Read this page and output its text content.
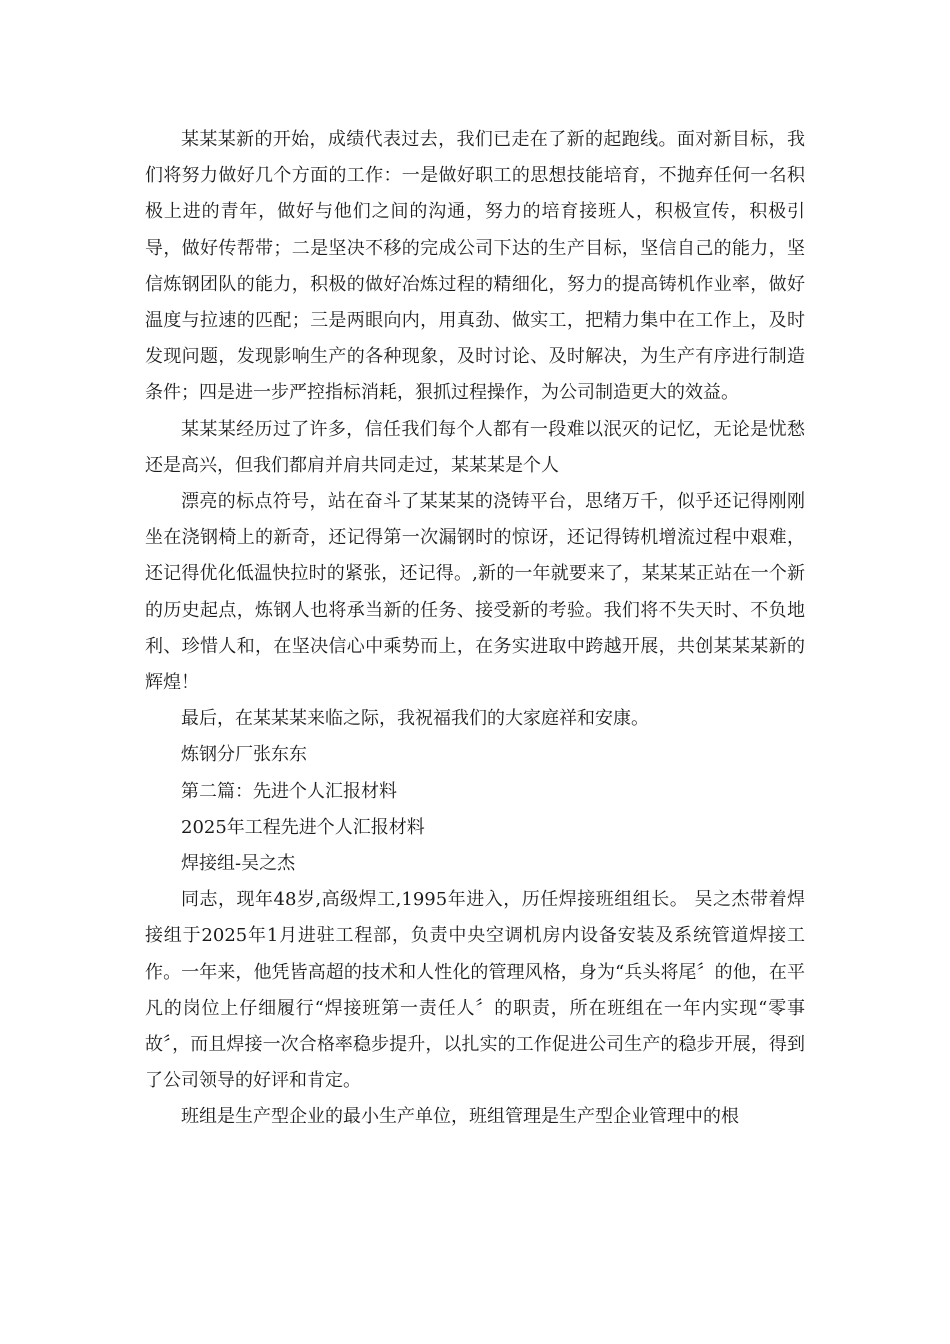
某某某新的开始，成绩代表过去，我们已走在了新的起跑线。面对新目标，我们将努力做好几个方面的工作：一是做好职工的思想技能培育，不抛弃任何一名积极上进的青年，做好与他们之间的沟通，努力的培育接班人，积极宣传，积极引导，做好传帮带；二是坚决不移的完成公司下达的生产目标，坚信自己的能力，坚信炼钢团队的能力，积极的做好冶炼过程的精细化，努力的提高铸机作业率，做好温度与拉速的匹配；三是两眼向内，用真劲、做实工，把精力集中在工作上，及时发现问题，发现影响生产的各种现象，及时讨论、及时解决，为生产有序进行制造条件；四是进一步严控指标消耗，狠抓过程操作，为公司制造更大的效益。

某某某经历过了许多，信任我们每个人都有一段难以泯灭的记忆，无论是忧愁还是高兴，但我们都肩并肩共同走过，某某某是个人

漂亮的标点符号，站在奋斗了某某某的浇铸平台，思绪万千，似乎还记得刚刚坐在浇钢椅上的新奇，还记得第一次漏钢时的惊讶，还记得铸机增流过程中艰难，还记得优化低温快拉时的紧张，还记得。,新的一年就要来了，某某某正站在一个新的历史起点，炼钢人也将承当新的任务、接受新的考验。我们将不失天时、不负地利、珍惜人和，在坚决信心中乘势而上，在务实进取中跨越开展，共创某某某新的辉煌！

最后，在某某某来临之际，我祝福我们的大家庭祥和安康。

炼钢分厂张东东

第二篇：先进个人汇报材料

2025年工程先进个人汇报材料

焊接组-吴之杰

同志，现年48岁,高级焊工,1995年进入，历任焊接班组组长。 吴之杰带着焊接组于2025年1月进驻工程部，负责中央空调机房内设备安装及系统管道焊接工作。一年来，他凭皆高超的技术和人性化的管理风格，身为“兵头将尾〞的他，在平凡的岗位上仔细履行“焊接班第一责任人〞的职责，所在班组在一年内实现“零事故〞，而且焊接一次合格率稳步提升，以扎实的工作促进公司生产的稳步开展，得到了公司领导的好评和肯定。

班组是生产型企业的最小生产单位，班组管理是生产型企业管理中的根
